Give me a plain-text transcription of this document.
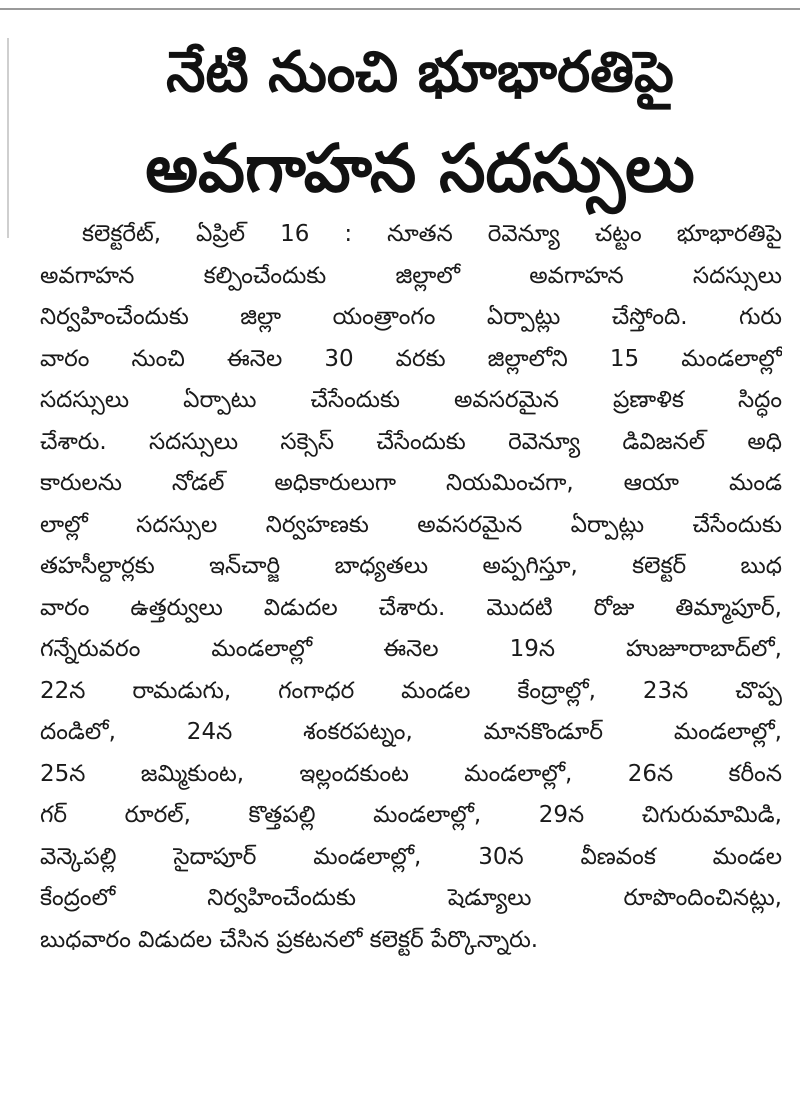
నేటి నుంచి భూభారతిపై
అవగాహన సదస్సులు
కలెక్టరేట్, ఏప్రిల్ 16 : నూతన రెవెన్యూ చట్టం భూభారతిపై
అవగాహన కల్పించేందుకు జిల్లాలో అవగాహన సదస్సులు
నిర్వహించేందుకు జిల్లా యంత్రాంగం ఏర్పాట్లు చేస్తోంది. గురు
వారం నుంచి ఈనెల 30 వరకు జిల్లాలోని 15 మండలాల్లో
సదస్సులు ఏర్పాటు చేసేందుకు అవసరమైన ప్రణాళిక సిద్ధం
చేశారు. సదస్సులు సక్సెస్ చేసేందుకు రెవెన్యూ డివిజనల్ అధి
కారులను నోడల్ అధికారులుగా నియమించగా, ఆయా మండ
లాల్లో సదస్సుల నిర్వహణకు అవసరమైన ఏర్పాట్లు చేసేందుకు
తహసీల్దార్లకు ఇన్‌చార్జి బాధ్యతలు అప్పగిస్తూ, కలెక్టర్ బుధ
వారం ఉత్తర్వులు విడుదల చేశారు. మొదటి రోజు తిమ్మాపూర్,
గన్నేరువరం మండలాల్లో ఈనెల 19న హుజూరాబాద్‌లో,
22న రామడుగు, గంగాధర మండల కేంద్రాల్లో, 23న చొప్ప
దండిలో, 24న శంకరపట్నం, మానకొండూర్ మండలాల్లో,
25న జమ్మికుంట, ఇల్లందకుంట మండలాల్లో, 26న కరీంన
గర్ రూరల్, కొత్తపల్లి మండలాల్లో, 29న చిగురుమామిడి,
వెన్కెపల్లి సైదాపూర్ మండలాల్లో, 30న వీణవంక మండల
కేంద్రంలో నిర్వహించేందుకు షెడ్యూలు రూపొందించినట్లు,
బుధవారం విడుదల చేసిన ప్రకటనలో కలెక్టర్ పేర్కొన్నారు.
